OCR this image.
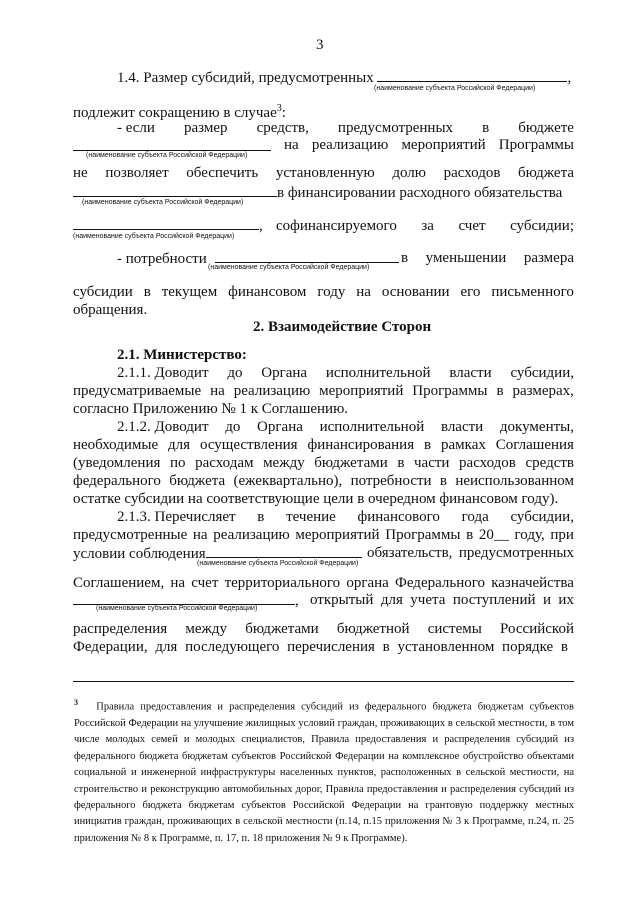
3
1.4. Размер субсидий, предусмотренных	,
(наименование субъекта Российской Федерации)
подлежит сокращению в случае$^3$:
- если размер средств, предусмотренных в бюджете
на реализацию мероприятий Программы
(наименование субъекта Российской Федерации)
не позволяет обеспечить установленную долю расходов бюджета
в финансировании расходного обязательства
(наименование субъекта Российской Федерации)
, софинансируемого за счет субсидии;
(наименование субъекта Российской Федерации)
- потребности	в уменьшении размера
(наименование субъекта Российской Федерации)
субсидии в текущем финансовом году на основании его письменного
обращения.
2. Взаимодействие Сторон
2.1. Министерство:
2.1.1. Доводит до Органа исполнительной власти субсидии,
предусматриваемые на реализацию мероприятий Программы в размерах,
согласно Приложению № 1 к Соглашению.
2.1.2. Доводит до Органа исполнительной власти документы,
необходимые для осуществления финансирования в рамках Соглашения
(уведомления по расходам между бюджетами в части расходов средств
федерального бюджета (ежеквартально), потребности в неиспользованном
остатке субсидии на соответствующие цели в очередном финансовом году).
2.1.3. Перечисляет в течение финансового года субсидии,
предусмотренные на реализацию мероприятий Программы в 20__ году, при
условии соблюдения	обязательств, предусмотренных
(наименование субъекта Российской Федерации)
Соглашением, на счет территориального органа Федерального казначейства
, открытый для учета поступлений и их
(наименование субъекта Российской Федерации)
распределения между бюджетами бюджетной системы Российской
Федерации, для последующего перечисления в установленном порядке в
$^3$ Правила предоставления и распределения субсидий из федерального бюджета бюджетам субъектов Российской Федерации на улучшение жилищных условий граждан, проживающих в сельской местности, в том числе молодых семей и молодых специалистов, Правила предоставления и распределения субсидий из федерального бюджета бюджетам субъектов Российской Федерации на комплексное обустройство объектами социальной и инженерной инфраструктуры населенных пунктов, расположенных в сельской местности, на строительство и реконструкцию автомобильных дорог, Правила предоставления и распределения субсидий из федерального бюджета бюджетам субъектов Российской Федерации на грантовую поддержку местных инициатив граждан, проживающих в сельской местности (п.14, п.15 приложения № 3 к Программе, п.24, п. 25 приложения № 8 к Программе, п. 17, п. 18 приложения № 9 к Программе).
